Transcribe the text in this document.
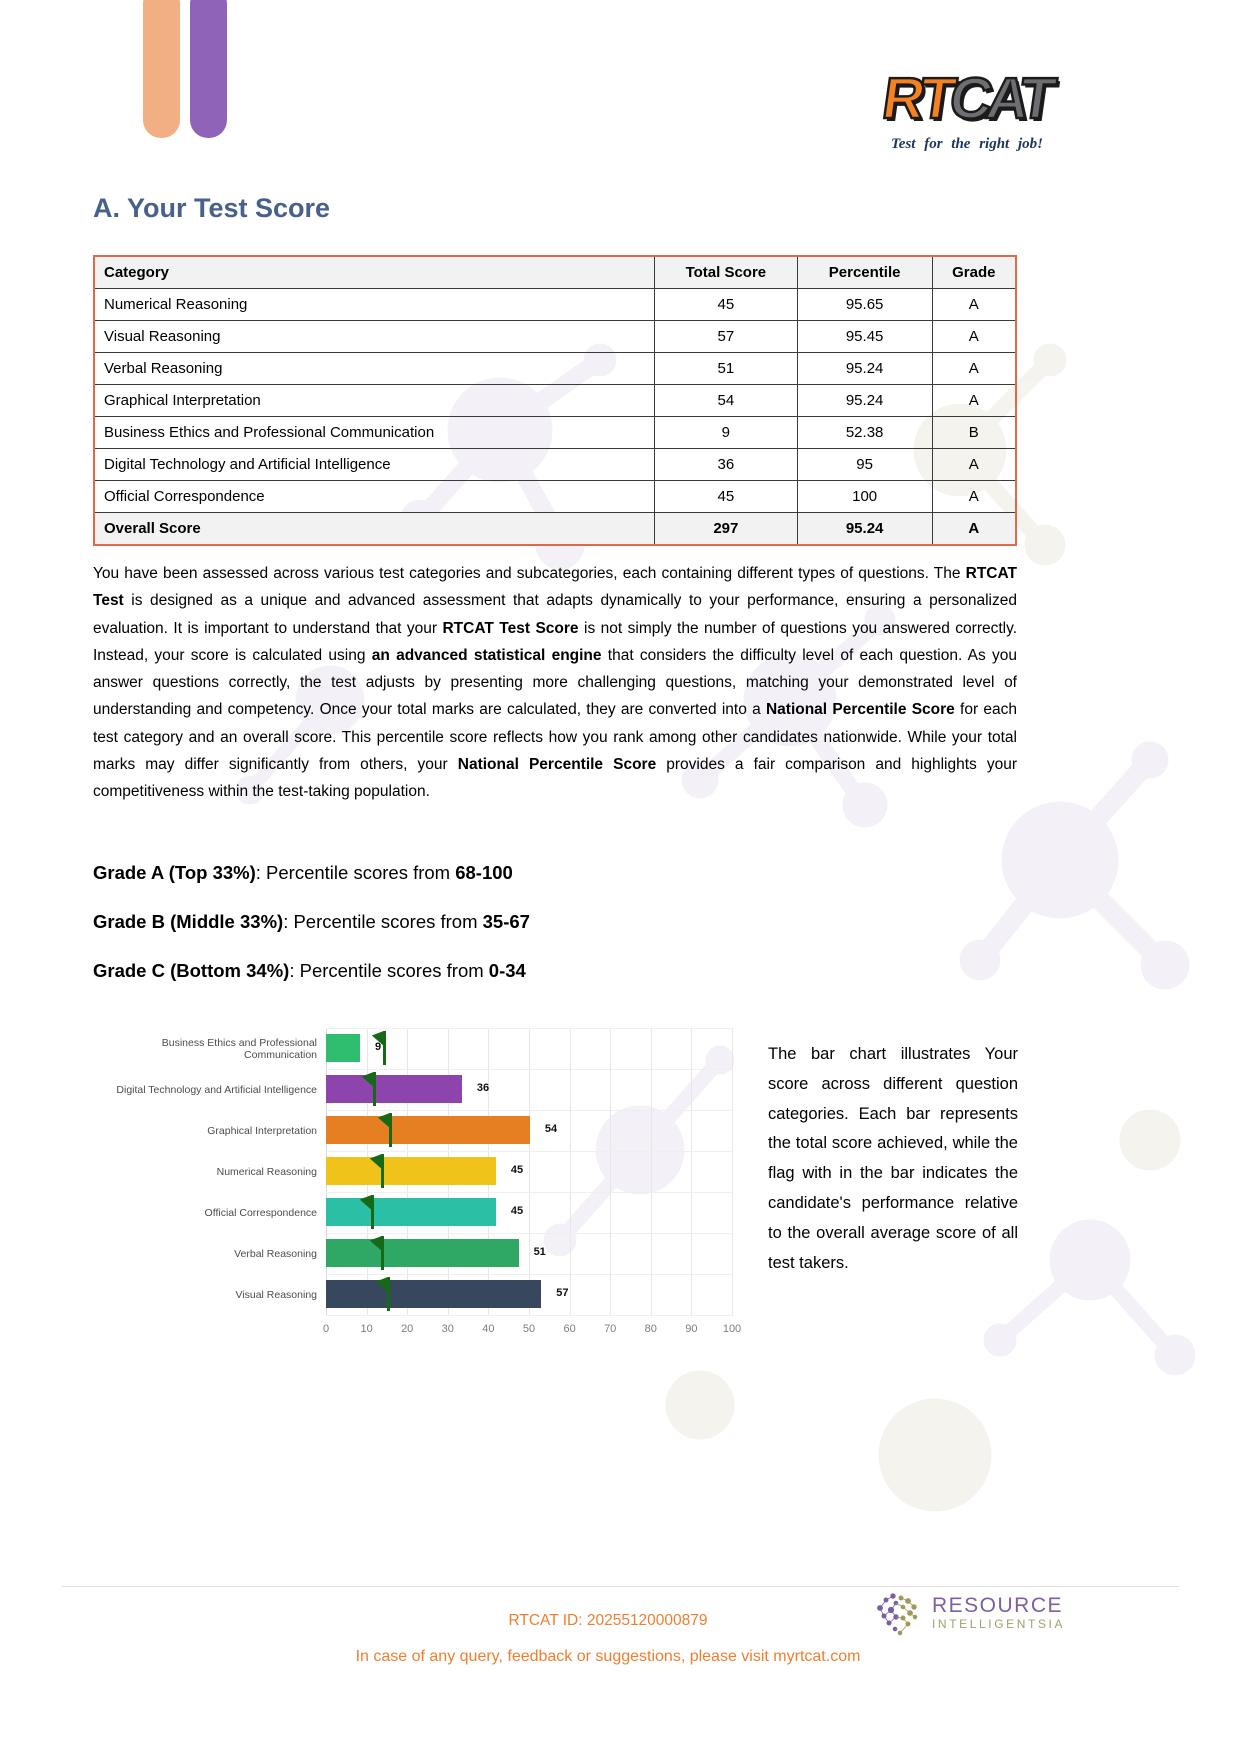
RTCAT
Test for the right job!
A. Your Test Score
Category	Total Score	Percentile	Grade
Numerical Reasoning	45	95.65	A
Visual Reasoning	57	95.45	A
Verbal Reasoning	51	95.24	A
Graphical Interpretation	54	95.24	A
Business Ethics and Professional Communication	9	52.38	B
Digital Technology and Artificial Intelligence	36	95	A
Official Correspondence	45	100	A
Overall Score	297	95.24	A
You have been assessed across various test categories and subcategories, each containing different types of questions. The RTCAT Test is designed as a unique and advanced assessment that adapts dynamically to your performance, ensuring a personalized evaluation. It is important to understand that your RTCAT Test Score is not simply the number of questions you answered correctly. Instead, your score is calculated using an advanced statistical engine that considers the difficulty level of each question. As you answer questions correctly, the test adjusts by presenting more challenging questions, matching your demonstrated level of understanding and competency. Once your total marks are calculated, they are converted into a National Percentile Score for each test category and an overall score. This percentile score reflects how you rank among other candidates nationwide. While your total marks may differ significantly from others, your National Percentile Score provides a fair comparison and highlights your competitiveness within the test-taking population.
Grade A (Top 33%): Percentile scores from 68-100
Grade B (Middle 33%): Percentile scores from 35-67
Grade C (Bottom 34%): Percentile scores from 0-34
Business Ethics and Professional Communication
9
Digital Technology and Artificial Intelligence	36
Graphical Interpretation	54
Numerical Reasoning	45
Official Correspondence	45
Verbal Reasoning	51
Visual Reasoning	57
0	10	20	30	40	50	60	70	80	90 100
The bar chart illustrates Your score across different question categories. Each bar represents the total score achieved, while the flag with in the bar indicates the candidate's performance relative to the overall average score of all test takers.
RTCAT ID: 20255120000879
In case of any query, feedback or suggestions, please visit myrtcat.com
RESOURCE
INTELLIGENTSIA
